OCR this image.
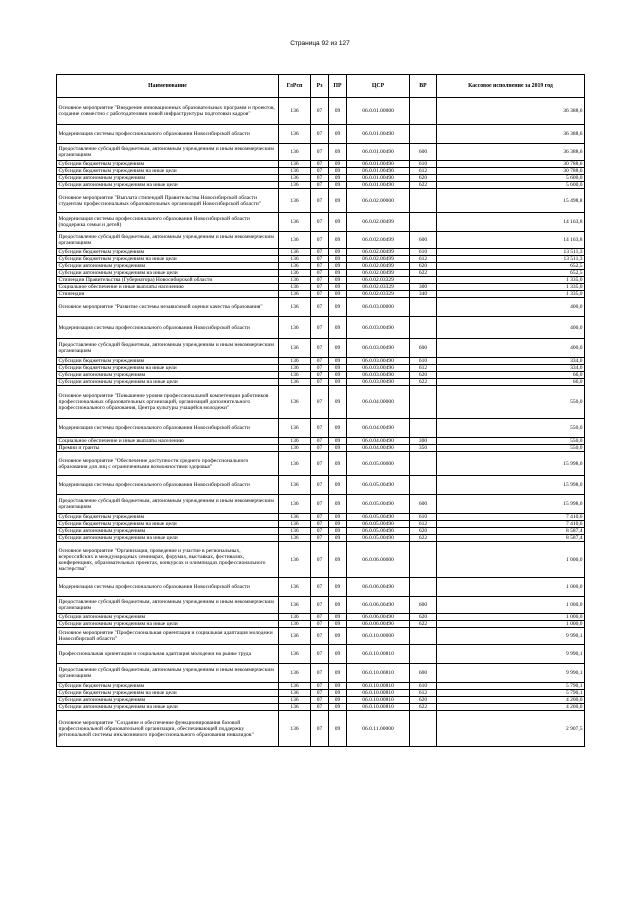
Страница 92 из 127
Наименование	ГлРсп	Рз	ПР	ЦСР	ВР	Кассовое исполнение за 2019 год
Основное мероприятие "Внедрение инновационных образовательных программ и проектов, создание совместно с работодателями новой инфраструктуры подготовки кадров"	136	07	09	06.0.01.00000		36 388,6
Модернизация системы профессионального образования Новосибирской области	136	07	09	06.0.01.00490		36 388,6
Предоставление субсидий бюджетным, автономным учреждениям и иным некоммерческим организациям	136	07	09	06.0.01.00490	600	36 388,6
Субсидии бюджетным учреждениям	136	07	09	06.0.01.00490	610	30 788,6
Субсидии бюджетным учреждениям на иные цели	136	07	09	06.0.01.00490	612	30 788,6
Субсидии автономным учреждениям	136	07	09	06.0.01.00490	620	5 600,0
Субсидии автономным учреждениям на иные цели	136	07	09	06.0.01.00490	622	5 600,0
Основное мероприятие "Выплата стипендий Правительства Новосибирской области студентам профессиональных образовательных организаций Новосибирской области"	136	07	09	06.0.02.00000		15 498,8
Модернизация системы профессионального образования Новосибирской области (поддержка семьи и детей)	136	07	09	06.0.02.00499		14 163,8
Предоставление субсидий бюджетным, автономным учреждениям и иным некоммерческим организациям	136	07	09	06.0.02.00499	600	14 163,8
Субсидии бюджетным учреждениям	136	07	09	06.0.02.00499	610	13 511,3
Субсидии бюджетным учреждениям на иные цели	136	07	09	06.0.02.00499	612	13 511,3
Субсидии автономным учреждениям	136	07	09	06.0.02.00499	620	652,5
Субсидии автономным учреждениям на иные цели	136	07	09	06.0.02.00499	622	652,5
Стипендии Правительства (Губернатора) Новосибирской области	136	07	09	06.0.02.03329		1 335,0
Социальное обеспечение и иные выплаты населению	136	07	09	06.0.02.03329	300	1 335,0
Стипендии	136	07	09	06.0.02.03329	340	1 335,0
Основное мероприятие "Развитие системы независимой оценки качества образования"	136	07	09	06.0.03.00000		400,0
Модернизация системы профессионального образования Новосибирской области	136	07	09	06.0.03.00490		400,0
Предоставление субсидий бюджетным, автономным учреждениям и иным некоммерческим организациям	136	07	09	06.0.03.00490	600	400,0
Субсидии бюджетным учреждениям	136	07	09	06.0.03.00490	610	334,0
Субсидии бюджетным учреждениям на иные цели	136	07	09	06.0.03.00490	612	334,0
Субсидии автономным учреждениям	136	07	09	06.0.03.00490	620	66,0
Субсидии автономным учреждениям на иные цели	136	07	09	06.0.03.00490	622	66,0
Основное мероприятие "Повышение уровня профессиональной компетенции работников профессиональных образовательных организаций, организаций дополнительного профессионального образования, Центра культуры учащейся молодежи"	136	07	09	06.0.04.00000		550,0
Модернизация системы профессионального образования Новосибирской области	136	07	09	06.0.04.00490		550,0
Социальное обеспечение и иные выплаты населению	136	07	09	06.0.04.00490	300	550,0
Премии и гранты	136	07	09	06.0.04.00490	350	550,0
Основное мероприятие "Обеспечение доступности среднего профессионального образования для лиц с ограниченными возможностями здоровья"	136	07	09	06.0.05.00000		15 998,0
Модернизация системы профессионального образования Новосибирской области	136	07	09	06.0.05.00490		15 998,0
Предоставление субсидий бюджетным, автономным учреждениям и иным некоммерческим организациям	136	07	09	06.0.05.00490	600	15 998,0
Субсидии бюджетным учреждениям	136	07	09	06.0.05.00490	610	7 410,6
Субсидии бюджетным учреждениям на иные цели	136	07	09	06.0.05.00490	612	7 410,6
Субсидии автономным учреждениям	136	07	09	06.0.05.00490	620	8 587,4
Субсидии автономным учреждениям на иные цели	136	07	09	06.0.05.00490	622	8 587,4
Основное мероприятие "Организация, проведение и участие в региональных, всероссийских и международных семинарах, форумах, выставках, фестивалях, конференциях, образовательных проектах, конкурсах и олимпиадах профессионального мастерства"	136	07	09	06.0.06.00000		1 000,0
Модернизация системы профессионального образования Новосибирской области	136	07	09	06.0.06.00490		1 000,0
Предоставление субсидий бюджетным, автономным учреждениям и иным некоммерческим организациям	136	07	09	06.0.06.00490	600	1 000,0
Субсидии автономным учреждениям	136	07	09	06.0.06.00490	620	1 000,0
Субсидии автономным учреждениям на иные цели	136	07	09	06.0.06.00490	622	1 000,0
Основное мероприятие "Профессиональная ориентация и социальная адаптация молодежи Новосибирской области"	136	07	09	06.0.10.00000		9 990,1
Профессиональная ориентация и социальная адаптация молодежи на рынке труда	136	07	09	06.0.10.00810		9 990,1
Предоставление субсидий бюджетным, автономным учреждениям и иным некоммерческим организациям	136	07	09	06.0.10.00810	600	9 990,1
Субсидии бюджетным учреждениям	136	07	09	06.0.10.00810	610	5 790,1
Субсидии бюджетным учреждениям на иные цели	136	07	09	06.0.10.00810	612	5 790,1
Субсидии автономным учреждениям	136	07	09	06.0.10.00810	620	4 200,0
Субсидии автономным учреждениям на иные цели	136	07	09	06.0.10.00810	622	4 200,0
Основное мероприятие "Создание и обеспечение функционирования базовой профессиональной образовательной организации, обеспечивающей поддержку региональной системы инклюзивного профессионального образования инвалидов"	136	07	09	06.0.11.00000		2 907,5
